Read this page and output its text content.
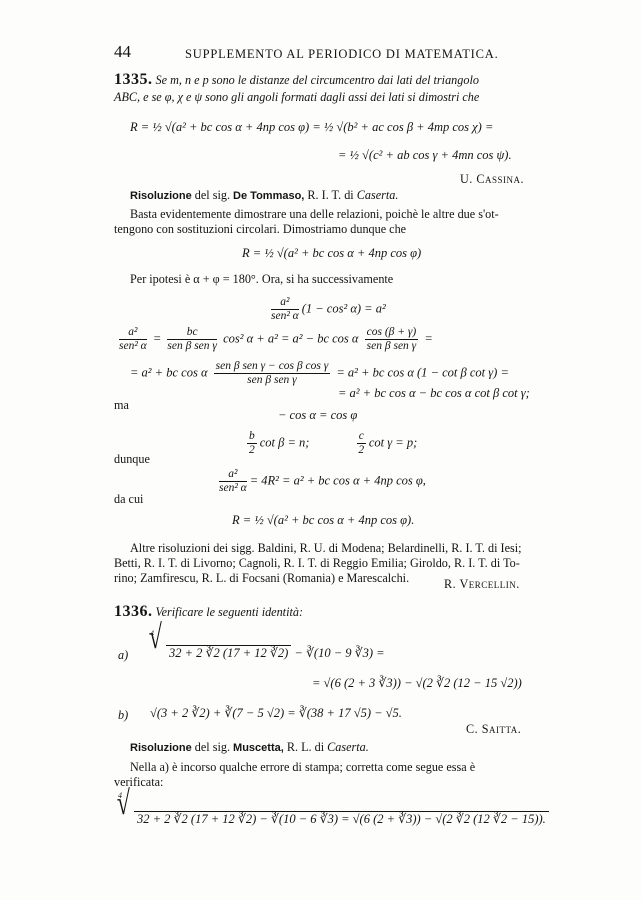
44	SUPPLEMENTO AL PERIODICO DI MATEMATICA.
1335. Se m, n e p sono le distanze del circumcentro dai lati del triangolo
ABC, e se φ, χ e ψ sono gli angoli formati dagli assi dei lati si dimostri che
R = ½ √(a² + bc cos α + 4np cos φ) = ½ √(b² + ac cos β + 4mp cos χ) =
= ½ √(c² + ab cos γ + 4mn cos ψ).
U. Cassina.
Risoluzione del sig. De Tommaso, R. I. T. di Caserta.
Basta evidentemente dimostrare una delle relazioni, poichè le altre due s'ot-
tengono con sostituzioni circolari. Dimostriamo dunque che
R = ½ √(a² + bc cos α + 4np cos φ)
Per ipotesi è α + φ = 180°. Ora, si ha successivamente
$\frac{\text{a²}}{\text{sen² α}} (1 - \cos^2$ α) = a²
$\frac{\text{a²}}{\text{sen² α}} = \frac{bc}{\text{sen β sen γ}} \cos^2$ α + a² = a² − bc cos α $\frac{\cos (\beta + \gamma)}{\text{sen β sen γ}}$ =
= a² + bc cos α $\frac{\text{sen β sen γ − cos β cos γ}}{\text{sen β sen γ}} = a^2$ + bc cos α (1 − cot β cot γ) =
= a² + bc cos α − bc cos α cot β cot γ;
ma
− cos α = cos φ
$\frac{b}{2}$ cot β = n;	$\frac{c}{2}$ cot γ = p;
dunque
$\frac{\text{a²}}{\text{sen² α}} = 4R^2 = a^2$ + bc cos α + 4np cos φ,
da cui
R = ½ √(a² + bc cos α + 4np cos φ).
Altre risoluzioni dei sigg. Baldini, R. U. di Modena; Belardinelli, R. I. T. di Iesi;
Betti, R. I. T. di Livorno; Cagnoli, R. I. T. di Reggio Emilia; Giroldo, R. I. T. di To-
rino; Zamfirescu, R. L. di Focsani (Romania) e Marescalchi.	R. Vercellin.
1336. Verificare le seguenti identità:
a)
4
√ 32 + 2 ∛2 (17 + 12 ∛2) − ∛(10 − 9 ∛3) =
= √(6 (2 + 3 ∛3)) − √(2 ∛2 (12 − 15 √2))
b) √(3 + 2 ∛2) + ∛(7 − 5 √2) = ∛(38 + 17 √5) − √5.
C. Saitta.
Risoluzione del sig. Muscetta, R. L. di Caserta.
Nella a) è incorso qualche errore di stampa; corretta come segue essa è
verificata:
4
√ 32 + 2 ∛2 (17 + 12 ∛2) − ∛(10 − 6 ∛3) = √(6 (2 + ∛3)) − √(2 ∛2 (12 ∛2 − 15)).
